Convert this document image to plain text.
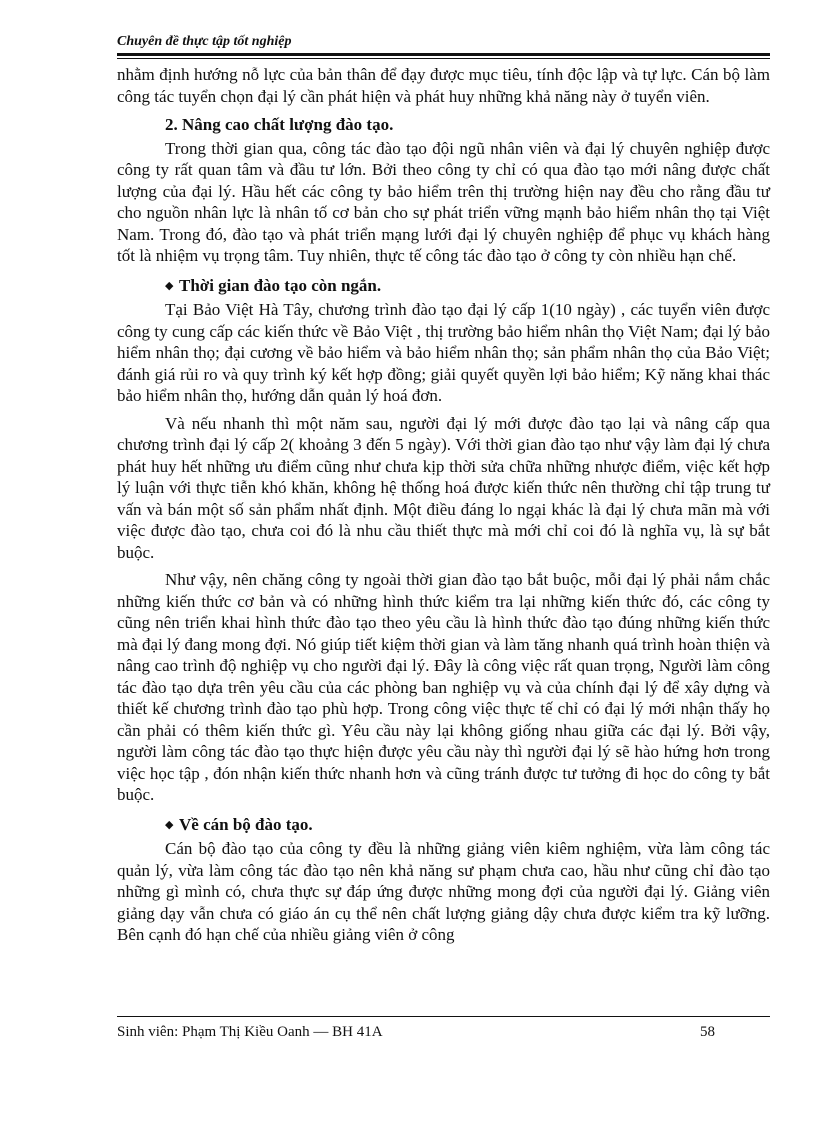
Chuyên đề thực tập tốt nghiệp

nhằm định hướng nỗ lực của bản thân để đạy được mục tiêu, tính độc lập và tự lực. Cán bộ làm công tác tuyển chọn đại lý cần phát hiện và phát huy những khả năng này ở tuyển viên.

2. Nâng cao chất lượng đào tạo.

Trong thời gian qua, công tác đào tạo đội ngũ nhân viên và đại lý chuyên nghiệp được công ty rất quan tâm và đầu tư lớn. Bởi theo công ty chỉ có qua đào tạo mới nâng được chất lượng của đại lý. Hầu hết các công ty bảo hiểm trên thị trường hiện nay đều cho rằng đầu tư cho nguồn nhân lực là nhân tố cơ bản cho sự phát triển vững mạnh bảo hiểm nhân thọ tại Việt Nam. Trong đó, đào tạo và phát triển mạng lưới đại lý chuyên nghiệp để phục vụ khách hàng tốt là nhiệm vụ trọng tâm. Tuy nhiên, thực tế công tác đào tạo ở công ty còn nhiều hạn chế.

◆ Thời gian đào tạo còn ngắn.

Tại Bảo Việt Hà Tây, chương trình đào tạo đại lý cấp 1(10 ngày) , các tuyển viên được công ty cung cấp các kiến thức về Bảo Việt , thị trường bảo hiểm nhân thọ Việt Nam; đại lý bảo hiểm nhân thọ; đại cương về bảo hiểm và bảo hiểm nhân thọ; sản phẩm nhân thọ của Bảo Việt; đánh giá rủi ro và quy trình ký kết hợp đồng; giải quyết quyền lợi bảo hiểm; Kỹ năng khai thác bảo hiểm nhân thọ, hướng dẫn quản lý hoá đơn.

Và nếu nhanh thì một năm sau, người đại lý mới được đào tạo lại và nâng cấp qua chương trình đại lý cấp 2( khoảng 3 đến 5 ngày). Với thời gian đào tạo như vậy làm đại lý chưa phát huy hết những ưu điểm cũng như chưa kịp thời sửa chữa những nhược điểm, việc kết hợp lý luận với thực tiễn khó khăn, không hệ thống hoá được kiến thức nên thường chỉ tập trung tư vấn và bán một số sản phẩm nhất định. Một điều đáng lo ngại khác là đại lý chưa mãn mà với việc được đào tạo, chưa coi đó là nhu cầu thiết thực mà mới chỉ coi đó là nghĩa vụ, là sự bắt buộc.

Như vậy, nên chăng công ty ngoài thời gian đào tạo bắt buộc, mỗi đại lý phải nắm chắc những kiến thức cơ bản và có những hình thức kiểm tra lại những kiến thức đó, các công ty cũng nên triển khai hình thức đào tạo theo yêu cầu là hình thức đào tạo đúng những kiến thức mà đại lý đang mong đợi. Nó giúp tiết kiệm thời gian và làm tăng nhanh quá trình hoàn thiện và nâng cao trình độ nghiệp vụ cho người đại lý. Đây là công việc rất quan trọng, Người làm công tác đào tạo dựa trên yêu cầu của các phòng ban nghiệp vụ và của chính đại lý để xây dựng và thiết kế chương trình đào tạo phù hợp. Trong công việc thực tế chỉ có đại lý mới nhận thấy họ cần phải có thêm kiến thức gì. Yêu cầu này lại không giống nhau giữa các đại lý. Bởi vậy, người làm công tác đào tạo thực hiện được yêu cầu này thì người đại lý sẽ hào hứng hơn trong việc học tập , đón nhận kiến thức nhanh hơn và cũng tránh được tư tưởng đi học do công ty bắt buộc.

◆ Về cán bộ đào tạo.

Cán bộ đào tạo của công ty đều là những giảng viên kiêm nghiệm, vừa làm công tác quản lý, vừa làm công tác đào tạo nên khả năng sư phạm chưa cao, hầu như cũng chỉ đào tạo những gì mình có, chưa thực sự đáp ứng được những mong đợi của người đại lý. Giảng viên giảng dạy vẫn chưa có giáo án cụ thể nên chất lượng giảng dậy chưa được kiểm tra kỹ lưỡng. Bên cạnh đó hạn chế của nhiều giảng viên ở công

Sinh viên: Phạm Thị Kiều Oanh — BH 41A	58
